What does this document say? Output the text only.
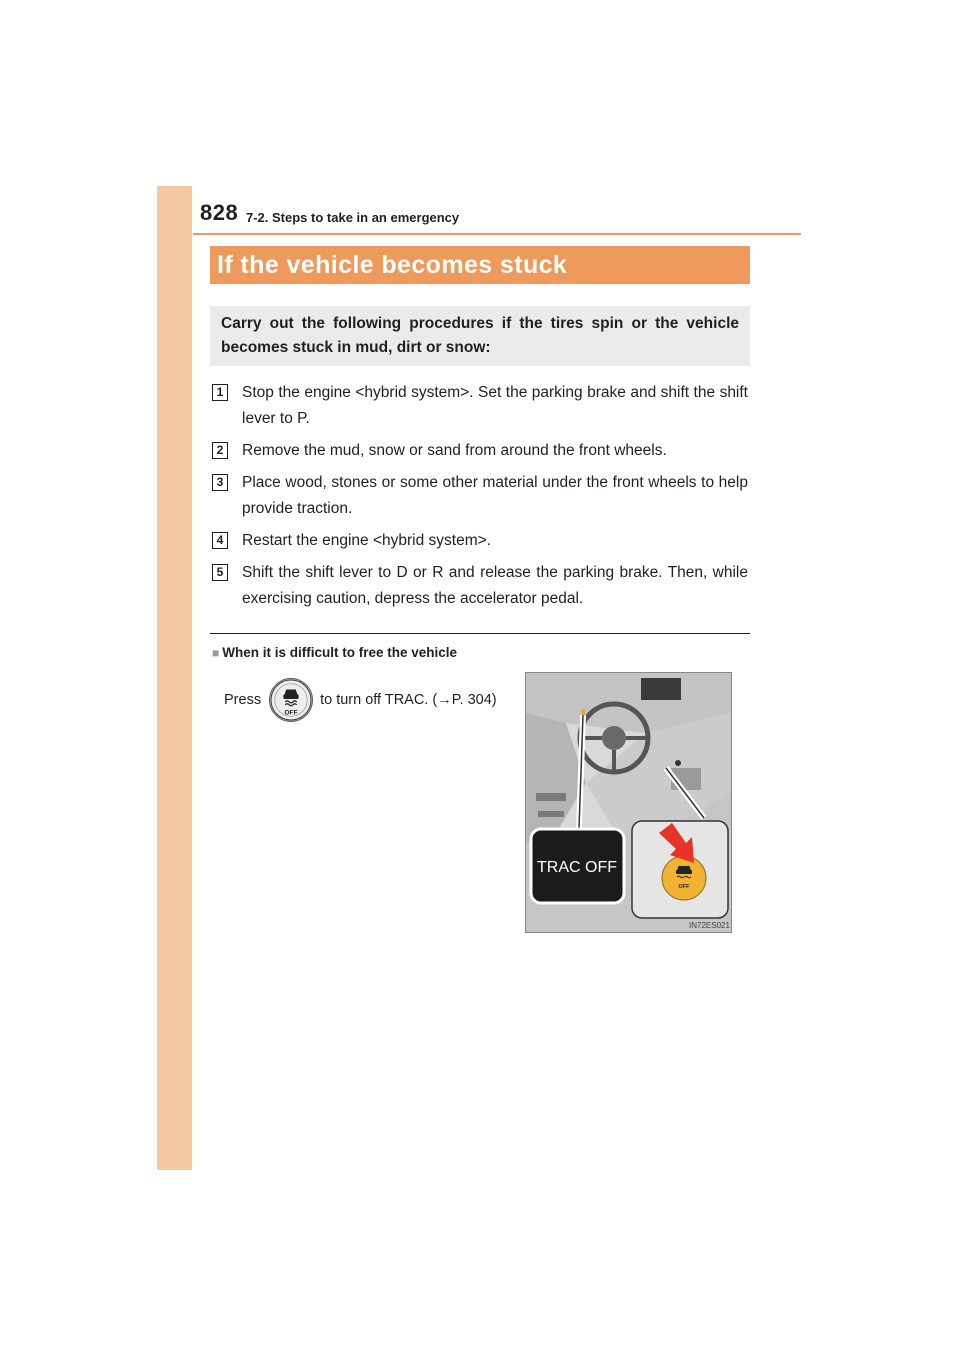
828 7-2. Steps to take in an emergency
If the vehicle becomes stuck
Carry out the following procedures if the tires spin or the vehicle becomes stuck in mud, dirt or snow:
1	Stop the engine <hybrid system>. Set the parking brake and shift the shift lever to P.
2	Remove the mud, snow or sand from around the front wheels.
3	Place wood, stones or some other material under the front wheels to help provide traction.
4	Restart the engine <hybrid system>.
5	Shift the shift lever to D or R and release the parking brake. Then, while exercising caution, depress the accelerator pedal.
■ When it is difficult to free the vehicle
Press
OFF
to turn off TRAC. ( → P. 304)
TRAC OFF
OFF
IN72ES021
